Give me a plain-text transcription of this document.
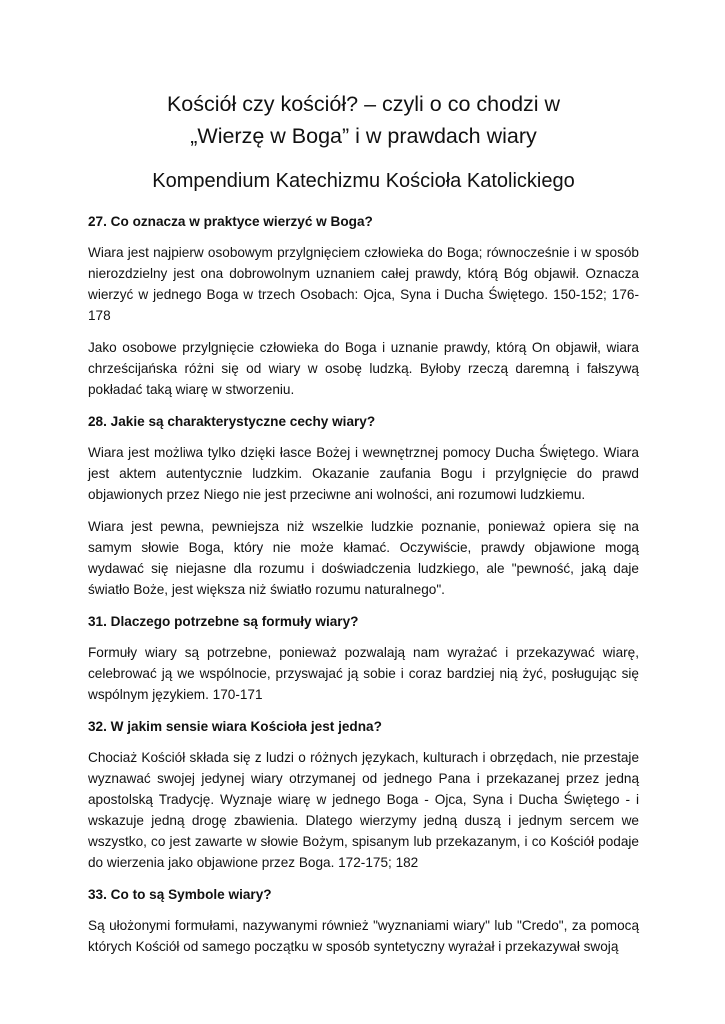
Kościół czy kościół? – czyli o co chodzi w
„Wierzę w Boga” i w prawdach wiary
Kompendium Katechizmu Kościoła Katolickiego
27. Co oznacza w praktyce wierzyć w Boga?

Wiara jest najpierw osobowym przylgnięciem człowieka do Boga; równocześnie i w sposób nierozdzielny jest ona dobrowolnym uznaniem całej prawdy, którą Bóg objawił. Oznacza wierzyć w jednego Boga w trzech Osobach: Ojca, Syna i Ducha Świętego. 150-152; 176-178

Jako osobowe przylgnięcie człowieka do Boga i uznanie prawdy, którą On objawił, wiara chrześcijańska różni się od wiary w osobę ludzką. Byłoby rzeczą daremną i fałszywą pokładać taką wiarę w stworzeniu.

28. Jakie są charakterystyczne cechy wiary?

Wiara jest możliwa tylko dzięki łasce Bożej i wewnętrznej pomocy Ducha Świętego. Wiara jest aktem autentycznie ludzkim. Okazanie zaufania Bogu i przylgnięcie do prawd objawionych przez Niego nie jest przeciwne ani wolności, ani rozumowi ludzkiemu.

Wiara jest pewna, pewniejsza niż wszelkie ludzkie poznanie, ponieważ opiera się na samym słowie Boga, który nie może kłamać. Oczywiście, prawdy objawione mogą wydawać się niejasne dla rozumu i doświadczenia ludzkiego, ale "pewność, jaką daje światło Boże, jest większa niż światło rozumu naturalnego".

31. Dlaczego potrzebne są formuły wiary?

Formuły wiary są potrzebne, ponieważ pozwalają nam wyrażać i przekazywać wiarę, celebrować ją we wspólnocie, przyswajać ją sobie i coraz bardziej nią żyć, posługując się wspólnym językiem. 170-171

32. W jakim sensie wiara Kościoła jest jedna?

Chociaż Kościół składa się z ludzi o różnych językach, kulturach i obrzędach, nie przestaje wyznawać swojej jedynej wiary otrzymanej od jednego Pana i przekazanej przez jedną apostolską Tradycję. Wyznaje wiarę w jednego Boga - Ojca, Syna i Ducha Świętego - i wskazuje jedną drogę zbawienia. Dlatego wierzymy jedną duszą i jednym sercem we wszystko, co jest zawarte w słowie Bożym, spisanym lub przekazanym, i co Kościół podaje do wierzenia jako objawione przez Boga. 172-175; 182

33. Co to są Symbole wiary?

Są ułożonymi formułami, nazywanymi również "wyznaniami wiary" lub "Credo", za pomocą których Kościół od samego początku w sposób syntetyczny wyrażał i przekazywał swoją
